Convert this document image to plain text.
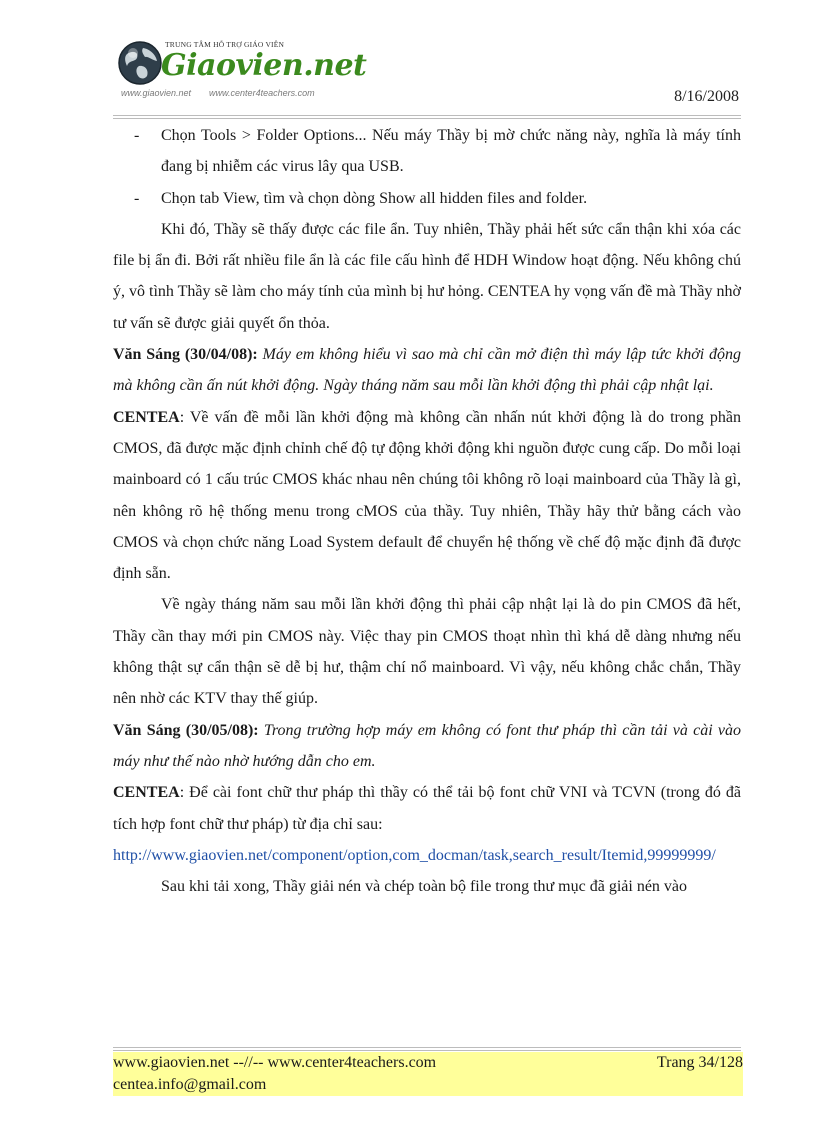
TRUNG TÂM HỖ TRỢ GIÁO VIÊN
Giaovien.net
www.giaovien.net www.center4teachers.com	8/16/2008

- Chọn Tools > Folder Options... Nếu máy Thầy bị mờ chức năng này, nghĩa là máy tính đang bị nhiễm các virus lây qua USB.

- Chọn tab View, tìm và chọn dòng Show all hidden files and folder.

Khi đó, Thầy sẽ thấy được các file ẩn. Tuy nhiên, Thầy phải hết sức cẩn thận khi xóa các file bị ẩn đi. Bởi rất nhiều file ẩn là các file cấu hình để HDH Window hoạt động. Nếu không chú ý, vô tình Thầy sẽ làm cho máy tính của mình bị hư hỏng. CENTEA hy vọng vấn đề mà Thầy nhờ tư vấn sẽ được giải quyết ổn thỏa.

Văn Sáng (30/04/08): Máy em không hiểu vì sao mà chỉ cần mở điện thì máy lập tức khởi động mà không cần ấn nút khởi động. Ngày tháng năm sau mỗi lần khởi động thì phải cập nhật lại.

CENTEA: Về vấn đề mỗi lần khởi động mà không cần nhấn nút khởi động là do trong phần CMOS, đã được mặc định chỉnh chế độ tự động khởi động khi nguồn được cung cấp. Do mỗi loại mainboard có 1 cấu trúc CMOS khác nhau nên chúng tôi không rõ loại mainboard của Thầy là gì, nên không rõ hệ thống menu trong cMOS của thầy. Tuy nhiên, Thầy hãy thử bằng cách vào CMOS và chọn chức năng Load System default để chuyển hệ thống về chế độ mặc định đã được định sẵn.

Về ngày tháng năm sau mỗi lần khởi động thì phải cập nhật lại là do pin CMOS đã hết, Thầy cần thay mới pin CMOS này. Việc thay pin CMOS thoạt nhìn thì khá dễ dàng nhưng nếu không thật sự cẩn thận sẽ dễ bị hư, thậm chí nổ mainboard. Vì vậy, nếu không chắc chắn, Thầy nên nhờ các KTV thay thế giúp.

Văn Sáng (30/05/08): Trong trường hợp máy em không có font thư pháp thì cần tải và cài vào máy như thế nào nhờ hướng dẫn cho em.

CENTEA: Để cài font chữ thư pháp thì thầy có thể tải bộ font chữ VNI và TCVN (trong đó đã tích hợp font chữ thư pháp) từ địa chỉ sau:

http://www.giaovien.net/component/option,com_docman/task,search_result/Itemid,99999999/

Sau khi tải xong, Thầy giải nén và chép toàn bộ file trong thư mục đã giải nén vào

www.giaovien.net --//-- www.center4teachers.com
centea.info@gmail.com
Trang 34/128
